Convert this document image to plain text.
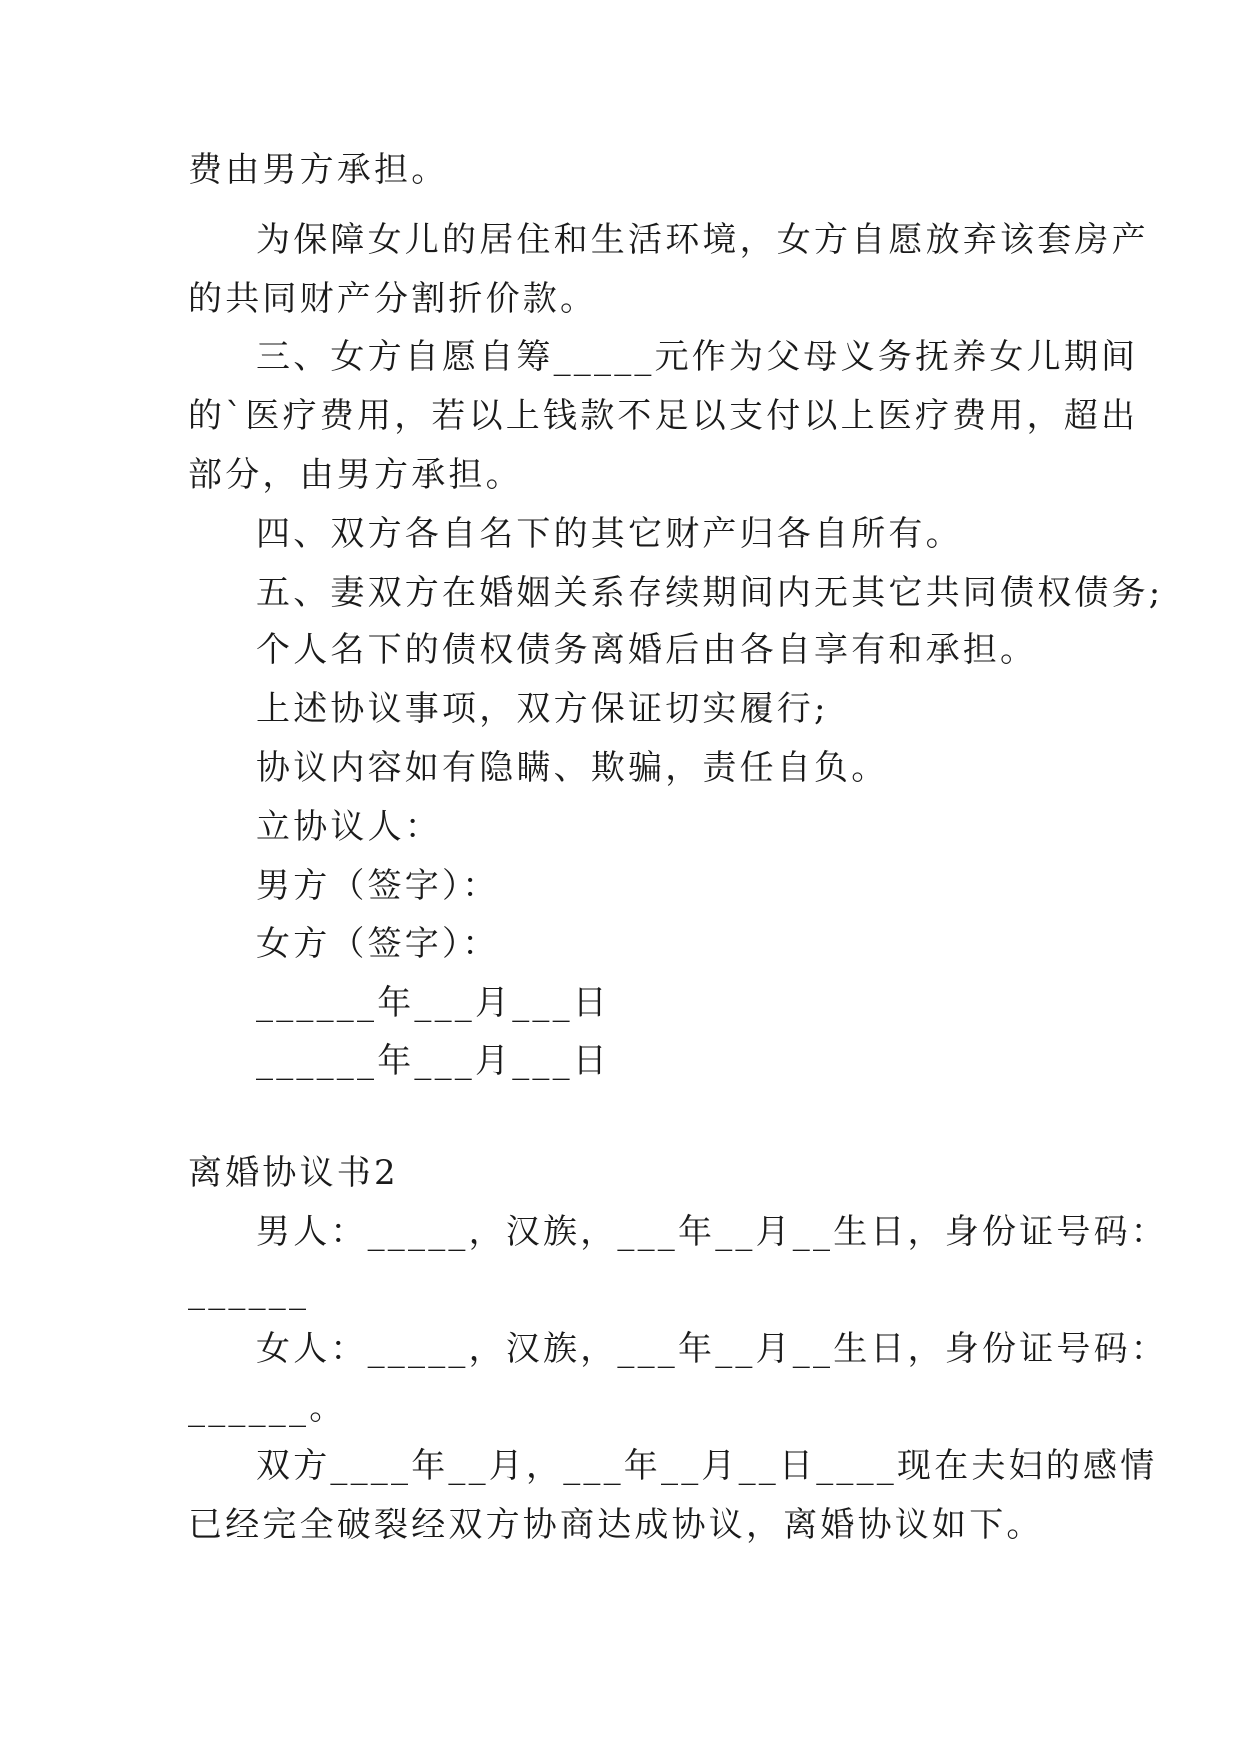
费由男方承担。
为保障女儿的居住和生活环境，女方自愿放弃该套房产
的共同财产分割折价款。
三、女方自愿自筹_____元作为父母义务抚养女儿期间
的`医疗费用，若以上钱款不足以支付以上医疗费用，超出
部分，由男方承担。
四、双方各自名下的其它财产归各自所有。
五、妻双方在婚姻关系存续期间内无其它共同债权债务;
个人名下的债权债务离婚后由各自享有和承担。
上述协议事项，双方保证切实履行;
协议内容如有隐瞒、欺骗，责任自负。
立协议人：
男方（签字）：
女方（签字）：
______年___月___日
______年___月___日
离婚协议书2
男人：_____，汉族，___年__月__生日，身份证号码：
______
女人：_____，汉族，___年__月__生日，身份证号码：
______。
双方____年__月，___年__月__日____现在夫妇的感情
已经完全破裂经双方协商达成协议，离婚协议如下。
